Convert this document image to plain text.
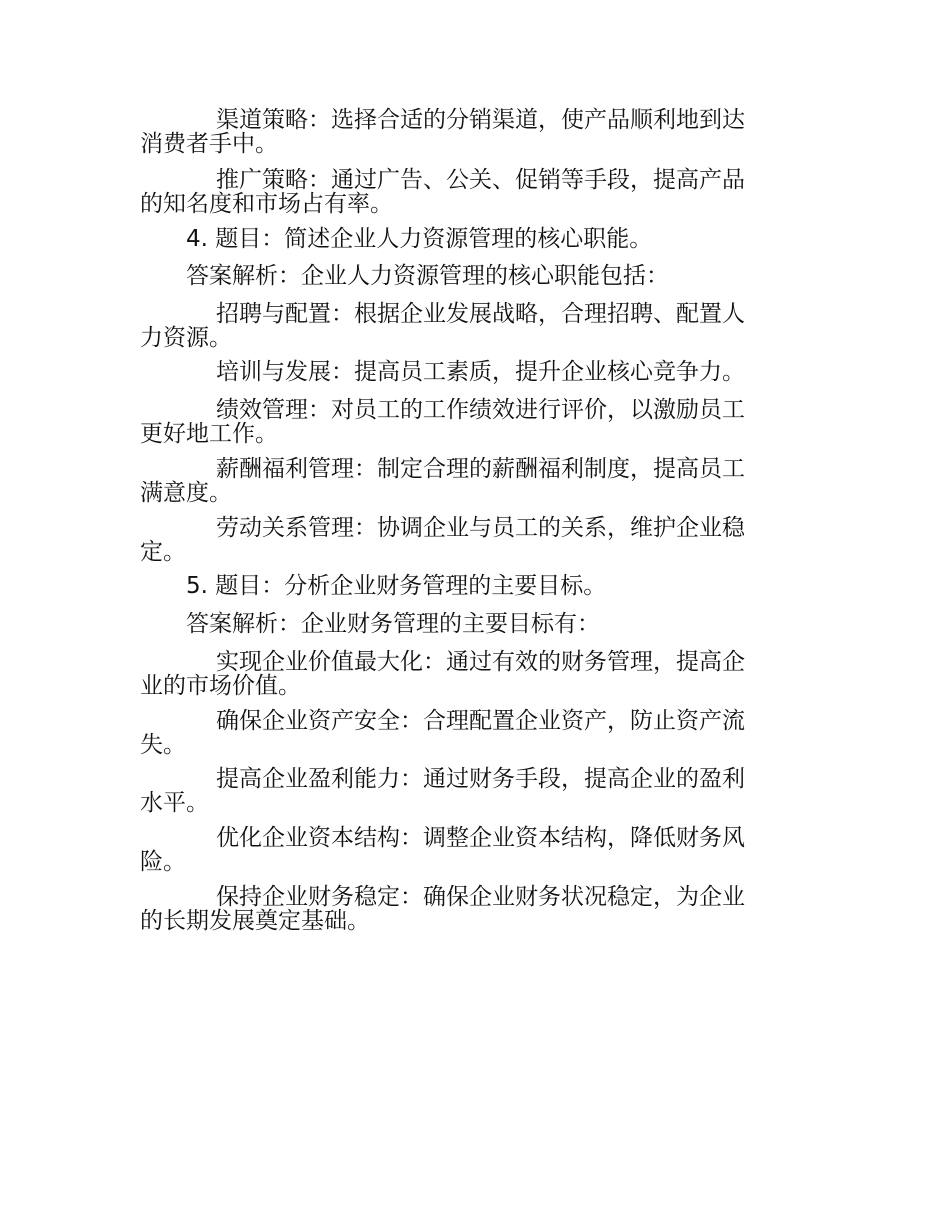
渠道策略：选择合适的分销渠道，使产品顺利地到达
消费者手中。
推广策略：通过广告、公关、促销等手段，提高产品
的知名度和市场占有率。
4. 题目：简述企业人力资源管理的核心职能。
答案解析：企业人力资源管理的核心职能包括：
招聘与配置：根据企业发展战略，合理招聘、配置人
力资源。
培训与发展：提高员工素质，提升企业核心竞争力。
绩效管理：对员工的工作绩效进行评价，以激励员工
更好地工作。
薪酬福利管理：制定合理的薪酬福利制度，提高员工
满意度。
劳动关系管理：协调企业与员工的关系，维护企业稳
定。
5. 题目：分析企业财务管理的主要目标。
答案解析：企业财务管理的主要目标有：
实现企业价值最大化：通过有效的财务管理，提高企
业的市场价值。
确保企业资产安全：合理配置企业资产，防止资产流
失。
提高企业盈利能力：通过财务手段，提高企业的盈利
水平。
优化企业资本结构：调整企业资本结构，降低财务风
险。
保持企业财务稳定：确保企业财务状况稳定，为企业
的长期发展奠定基础。
